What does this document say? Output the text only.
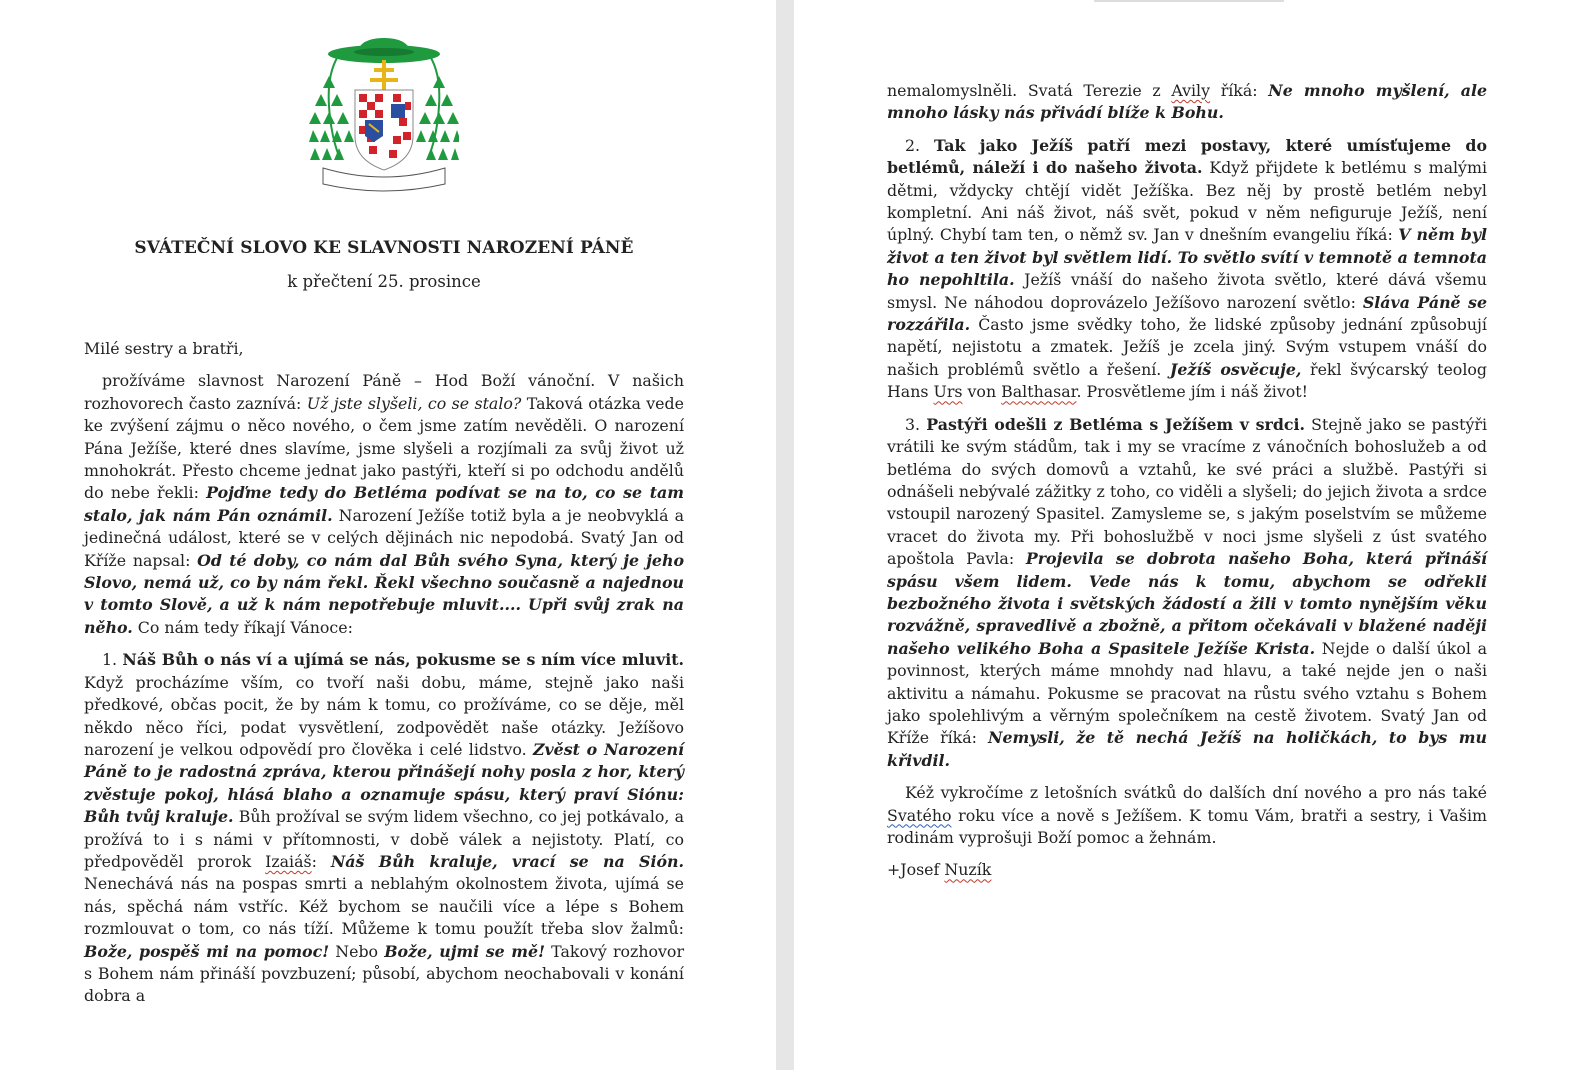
SVÁTEČNÍ SLOVO KE SLAVNOSTI NAROZENÍ PÁNĚ
k přečtení 25. prosince

Milé sestry a bratři,

prožíváme slavnost Narození Páně – Hod Boží vánoční. V našich rozhovorech často zaznívá: Už jste slyšeli, co se stalo? Taková otázka vede ke zvýšení zájmu o něco nového, o čem jsme zatím nevěděli. O narození Pána Ježíše, které dnes slavíme, jsme slyšeli a rozjímali za svůj život už mnohokrát. Přesto chceme jednat jako pastýři, kteří si po odchodu andělů do nebe řekli: Pojďme tedy do Betléma podívat se na to, co se tam stalo, jak nám Pán oznámil. Narození Ježíše totiž byla a je neobvyklá a jedinečná událost, které se v celých dějinách nic nepodobá. Svatý Jan od Kříže napsal: Od té doby, co nám dal Bůh svého Syna, který je jeho Slovo, nemá už, co by nám řekl. Řekl všechno současně a najednou v tomto Slově, a už k nám nepotřebuje mluvit.... Upři svůj zrak na něho. Co nám tedy říkají Vánoce:

1. Náš Bůh o nás ví a ujímá se nás, pokusme se s ním více mluvit. Když procházíme vším, co tvoří naši dobu, máme, stejně jako naši předkové, občas pocit, že by nám k tomu, co prožíváme, co se děje, měl někdo něco říci, podat vysvětlení, zodpovědět naše otázky. Ježíšovo narození je velkou odpovědí pro člověka i celé lidstvo. Zvěst o Narození Páně to je radostná zpráva, kterou přinášejí nohy posla z hor, který zvěstuje pokoj, hlásá blaho a oznamuje spásu, který praví Siónu: Bůh tvůj kraluje. Bůh prožíval se svým lidem všechno, co jej potkávalo, a prožívá to i s námi v přítomnosti, v době válek a nejistoty. Platí, co předpověděl prorok Izaiáš: Náš Bůh kraluje, vrací se na Sión. Nenechává nás na pospas smrti a neblahým okolnostem života, ujímá se nás, spěchá nám vstříc. Kéž bychom se naučili více a lépe s Bohem rozmlouvat o tom, co nás tíží. Můžeme k tomu použít třeba slov žalmů: Bože, pospěš mi na pomoc! Nebo Bože, ujmi se mě! Takový rozhovor s Bohem nám přináší povzbuzení; působí, abychom neochabovali v konání dobra a

nemalomyslněli. Svatá Terezie z Avily říká: Ne mnoho myšlení, ale mnoho lásky nás přivádí blíže k Bohu.

2. Tak jako Ježíš patří mezi postavy, které umísťujeme do betlémů, náleží i do našeho života. Když přijdete k betlému s malými dětmi, vždycky chtějí vidět Ježíška. Bez něj by prostě betlém nebyl kompletní. Ani náš život, náš svět, pokud v něm nefiguruje Ježíš, není úplný. Chybí tam ten, o němž sv. Jan v dnešním evangeliu říká: V něm byl život a ten život byl světlem lidí. To světlo svítí v temnotě a temnota ho nepohltila. Ježíš vnáší do našeho života světlo, které dává všemu smysl. Ne náhodou doprovázelo Ježíšovo narození světlo: Sláva Páně se rozzářila. Často jsme svědky toho, že lidské způsoby jednání způsobují napětí, nejistotu a zmatek. Ježíš je zcela jiný. Svým vstupem vnáší do našich problémů světlo a řešení. Ježíš osvěcuje, řekl švýcarský teolog Hans Urs von Balthasar. Prosvětleme jím i náš život!

3. Pastýři odešli z Betléma s Ježíšem v srdci. Stejně jako se pastýři vrátili ke svým stádům, tak i my se vracíme z vánočních bohoslužeb a od betléma do svých domovů a vztahů, ke své práci a službě. Pastýři si odnášeli nebývalé zážitky z toho, co viděli a slyšeli; do jejich života a srdce vstoupil narozený Spasitel. Zamysleme se, s jakým poselstvím se můžeme vracet do života my. Při bohoslužbě v noci jsme slyšeli z úst svatého apoštola Pavla: Projevila se dobrota našeho Boha, která přináší spásu všem lidem. Vede nás k tomu, abychom se odřekli bezbožného života i světských žádostí a žili v tomto nynějším věku rozvážně, spravedlivě a zbožně, a přitom očekávali v blažené naději našeho velikého Boha a Spasitele Ježíše Krista. Nejde o další úkol a povinnost, kterých máme mnohdy nad hlavu, a také nejde jen o naši aktivitu a námahu. Pokusme se pracovat na růstu svého vztahu s Bohem jako spolehlivým a věrným společníkem na cestě životem. Svatý Jan od Kříže říká: Nemysli, že tě nechá Ježíš na holičkách, to bys mu křivdil.

Kéž vykročíme z letošních svátků do dalších dní nového a pro nás také Svatého roku více a nově s Ježíšem. K tomu Vám, bratři a sestry, i Vašim rodinám vyprošuji Boží pomoc a žehnám.

+Josef Nuzík
